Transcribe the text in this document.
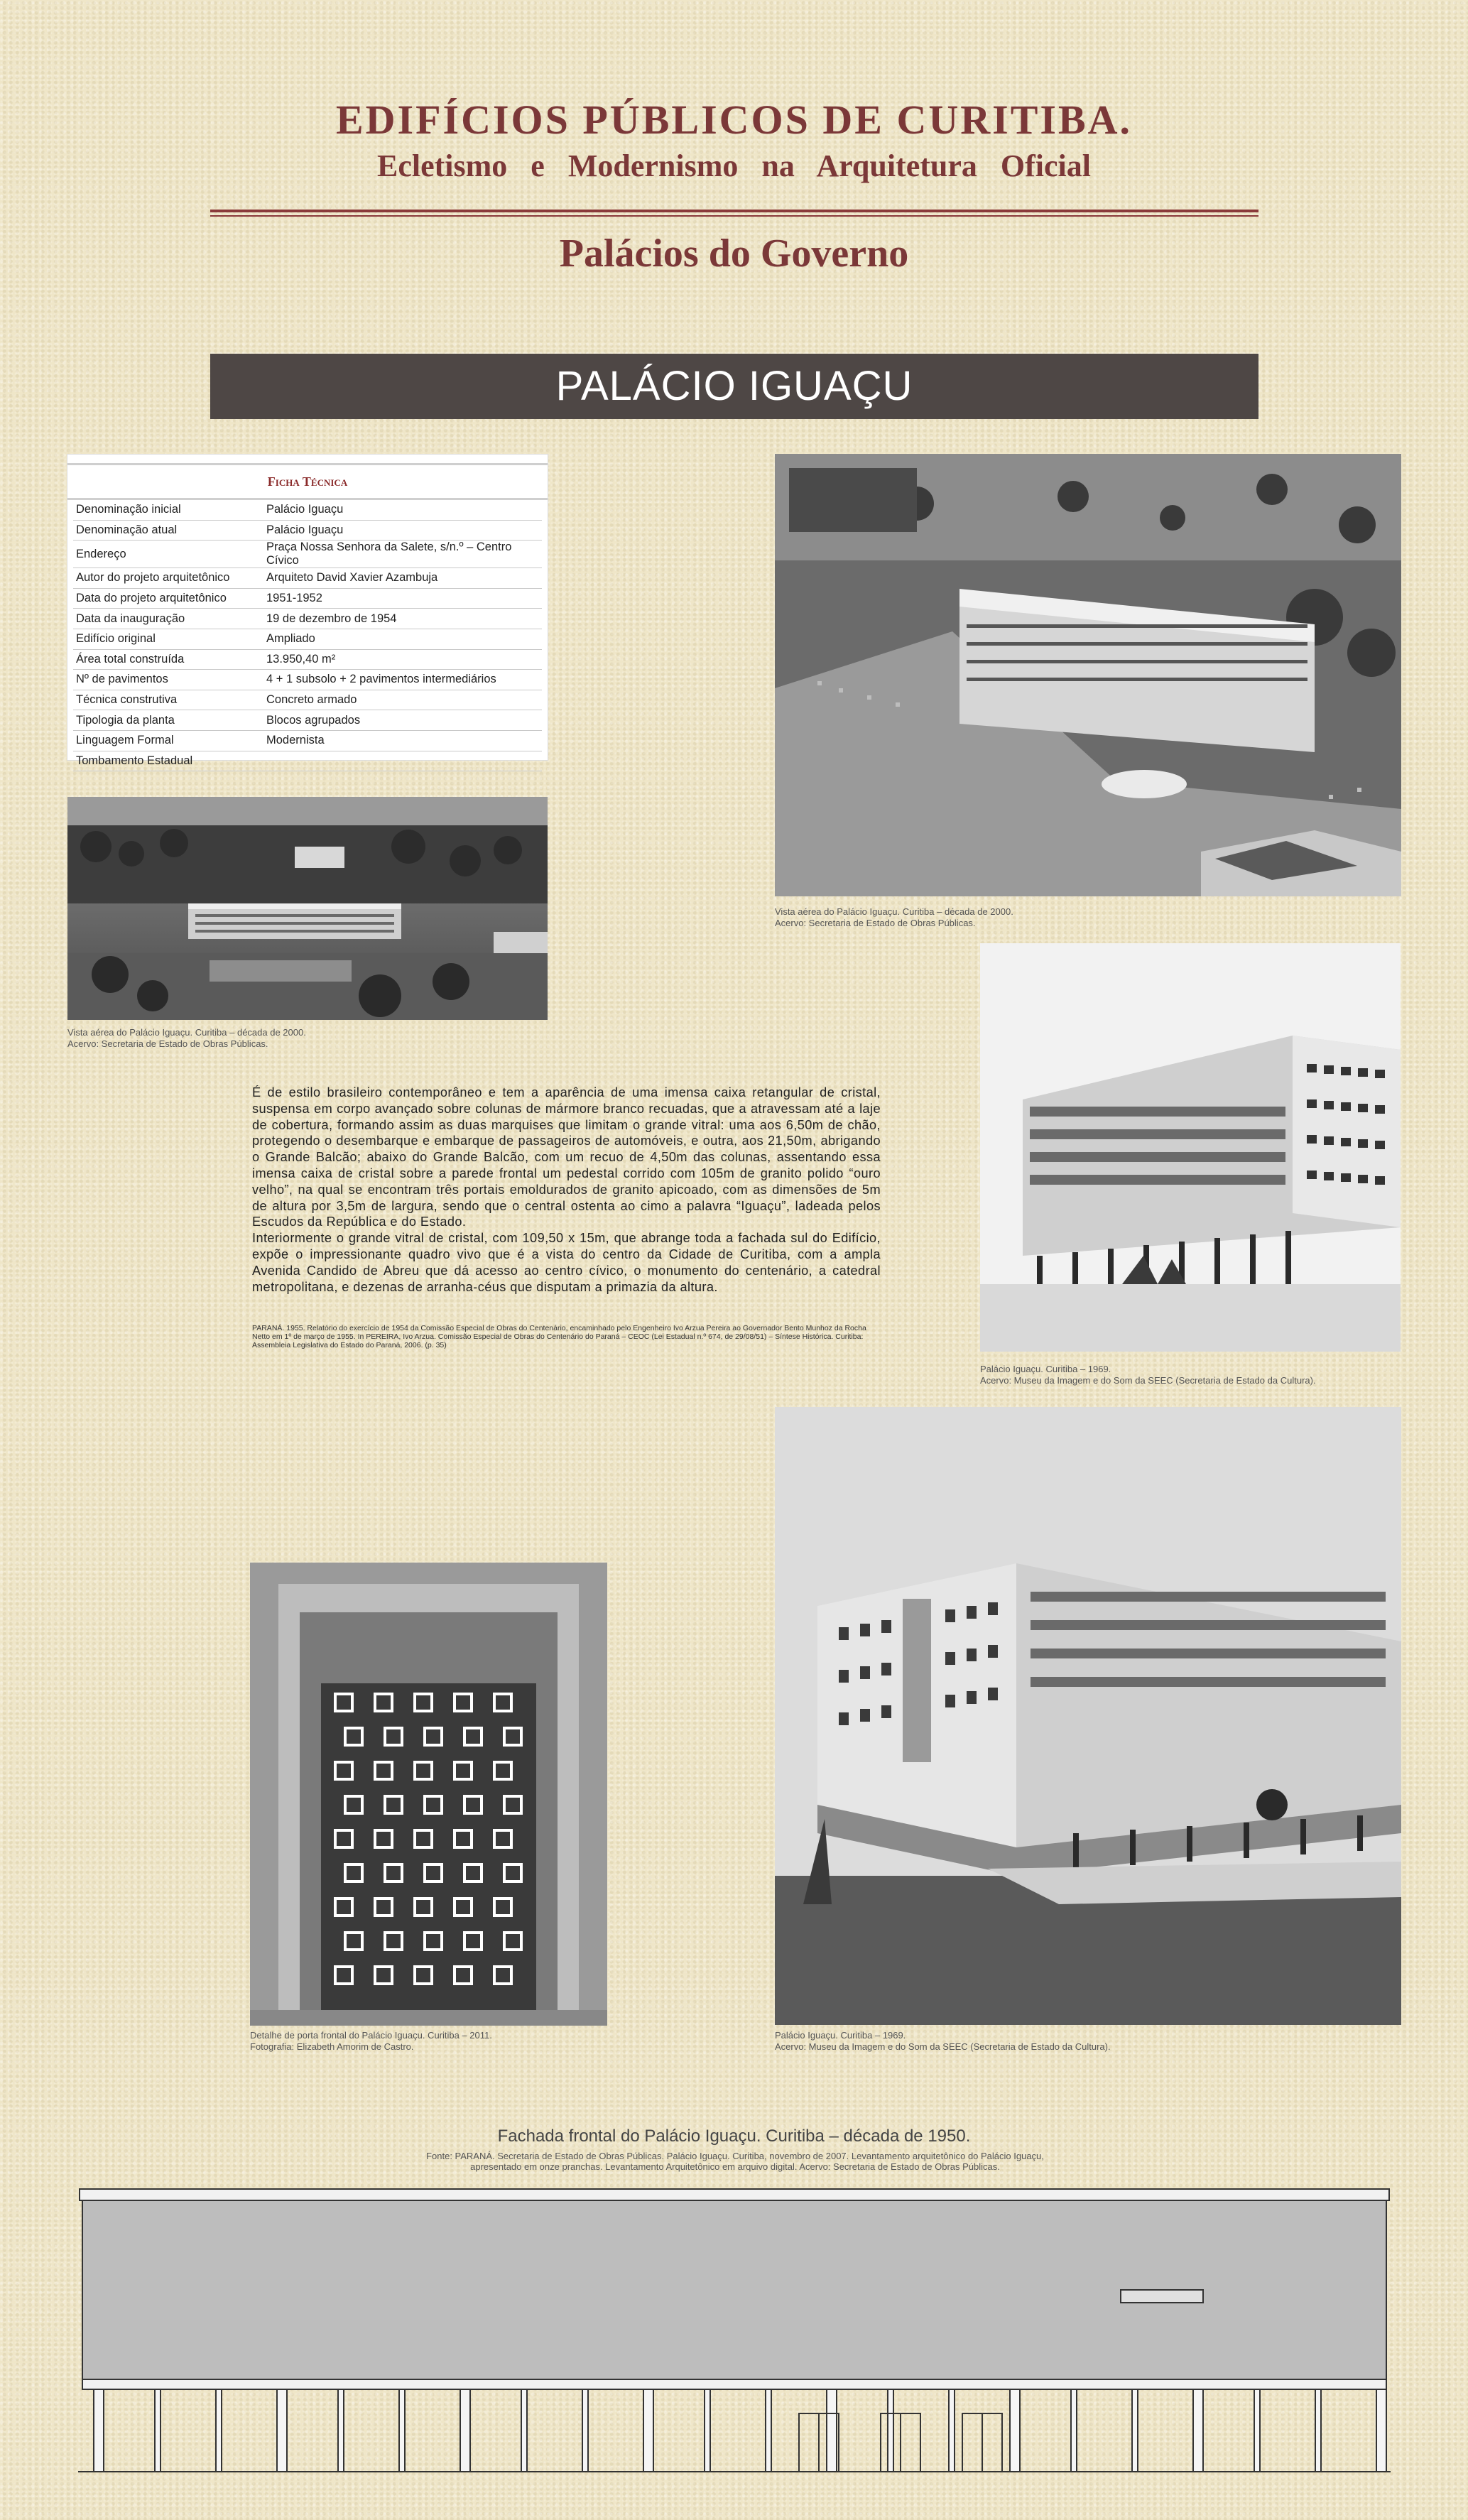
EDIFÍCIOS PÚBLICOS DE CURITIBA.
Ecletismo e Modernismo na Arquitetura Oficial
Palácios do Governo
PALÁCIO IGUAÇU
Ficha Técnica
Denominação inicial	Palácio Iguaçu
Denominação atual	Palácio Iguaçu
Endereço	Praça Nossa Senhora da Salete, s/n.º – Centro Cívico
Autor do projeto arquitetônico	Arquiteto David Xavier Azambuja
Data do projeto arquitetônico	1951-1952
Data da inauguração	19 de dezembro de 1954
Edifício original	Ampliado
Área total construída	13.950,40 m²
Nº de pavimentos	4 + 1 subsolo + 2 pavimentos intermediários
Técnica construtiva	Concreto armado
Tipologia da planta	Blocos agrupados
Linguagem Formal	Modernista
Tombamento Estadual	
Vista aérea do Palácio Iguaçu. Curitiba – década de 2000.
Acervo: Secretaria de Estado de Obras Públicas.
Vista aérea do Palácio Iguaçu. Curitiba – década de 2000.
Acervo: Secretaria de Estado de Obras Públicas.
Palácio Iguaçu. Curitiba – 1969.
Acervo: Museu da Imagem e do Som da SEEC (Secretaria de Estado da Cultura).

É de estilo brasileiro contemporâneo e tem a aparência de uma imensa caixa retangular de cristal, suspensa em corpo avançado sobre colunas de mármore branco recuadas, que a atravessam até a laje de cobertura, formando assim as duas marquises que limitam o grande vitral: uma aos 6,50m de chão, protegendo o desembarque e embarque de passageiros de automóveis, e outra, aos 21,50m, abrigando o Grande Balcão; abaixo do Grande Balcão, com um recuo de 4,50m das colunas, assentando essa imensa caixa de cristal sobre a parede frontal um pedestal corrido com 105m de granito polido “ouro velho”, na qual se encontram três portais emoldurados de granito apicoado, com as dimensões de 5m de altura por 3,5m de largura, sendo que o central ostenta ao cimo a palavra “Iguaçu”, ladeada pelos Escudos da República e do Estado.

Interiormente o grande vitral de cristal, com 109,50 x 15m, que abrange toda a fachada sul do Edifício, expõe o impressionante quadro vivo que é a vista do centro da Cidade de Curitiba, com a ampla Avenida Candido de Abreu que dá acesso ao centro cívico, o monumento do centenário, a catedral metropolitana, e dezenas de arranha-céus que disputam a primazia da altura.

PARANÁ. 1955. Relatório do exercício de 1954 da Comissão Especial de Obras do Centenário, encaminhado pelo Engenheiro Ivo Arzua Pereira ao Governador Bento Munhoz da Rocha Netto em 1º de março de 1955. In PEREIRA, Ivo Arzua. Comissão Especial de Obras do Centenário do Paraná – CEOC (Lei Estadual n.º 674, de 29/08/51) – Síntese Histórica. Curitiba: Assembleia Legislativa do Estado do Paraná, 2006. (p. 35)
Detalhe de porta frontal do Palácio Iguaçu. Curitiba – 2011.
Fotografia: Elizabeth Amorim de Castro.
Palácio Iguaçu. Curitiba – 1969.
Acervo: Museu da Imagem e do Som da SEEC (Secretaria de Estado da Cultura).
Fachada frontal do Palácio Iguaçu. Curitiba – década de 1950.
Fonte: PARANÁ. Secretaria de Estado de Obras Públicas. Palácio Iguaçu. Curitiba, novembro de 2007. Levantamento arquitetônico do Palácio Iguaçu, apresentado em onze pranchas. Levantamento Arquitetônico em arquivo digital. Acervo: Secretaria de Estado de Obras Públicas.
